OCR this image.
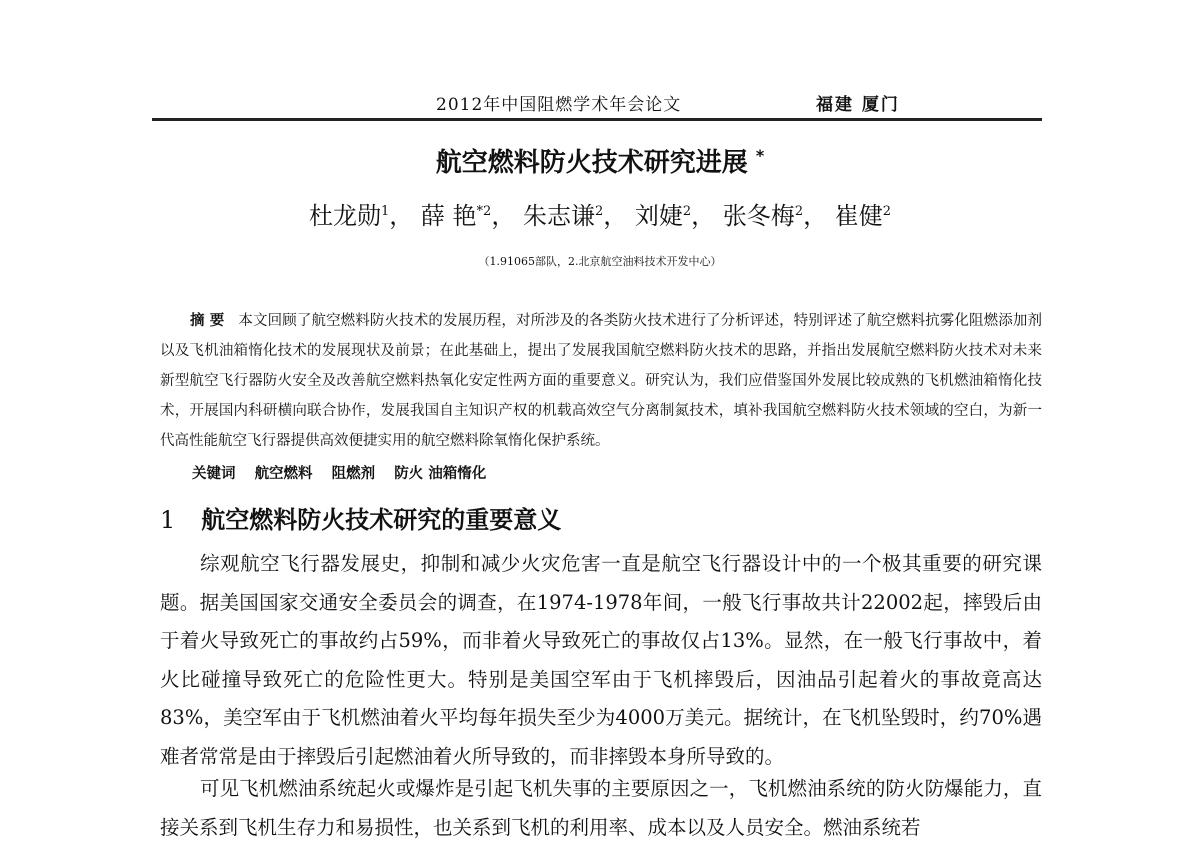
2012年中国阻燃学术年会论文	福建 厦门
航空燃料防火技术研究进展 *
杜龙勋$^1$， 薛 艳$^{*2}$， 朱志谦$^2$， 刘婕$^2$， 张冬梅$^2$， 崔健$^2$
（1.91065部队，2.北京航空油料技术开发中心）
摘 要 本文回顾了航空燃料防火技术的发展历程，对所涉及的各类防火技术进行了分析评述，特别评述了航空燃料抗雾化阻燃添加剂以及飞机油箱惰化技术的发展现状及前景；在此基础上，提出了发展我国航空燃料防火技术的思路，并指出发展航空燃料防火技术对未来新型航空飞行器防火安全及改善航空燃料热氧化安定性两方面的重要意义。研究认为，我们应借鉴国外发展比较成熟的飞机燃油箱惰化技术，开展国内科研横向联合协作，发展我国自主知识产权的机载高效空气分离制氮技术，填补我国航空燃料防火技术领域的空白，为新一代高性能航空飞行器提供高效便捷实用的航空燃料除氧惰化保护系统。
关键词 航空燃料 阻燃剂 防火 油箱惰化
1 航空燃料防火技术研究的重要意义
综观航空飞行器发展史，抑制和减少火灾危害一直是航空飞行器设计中的一个极其重要的研究课题。据美国国家交通安全委员会的调查，在1974-1978年间，一般飞行事故共计22002起，摔毁后由于着火导致死亡的事故约占59%，而非着火导致死亡的事故仅占13%。显然，在一般飞行事故中，着火比碰撞导致死亡的危险性更大。特别是美国空军由于飞机摔毁后，因油品引起着火的事故竟高达83%，美空军由于飞机燃油着火平均每年损失至少为4000万美元。据统计，在飞机坠毁时，约70%遇难者常常是由于摔毁后引起燃油着火所导致的，而非摔毁本身所导致的。
可见飞机燃油系统起火或爆炸是引起飞机失事的主要原因之一，飞机燃油系统的防火防爆能力，直接关系到飞机生存力和易损性，也关系到飞机的利用率、成本以及人员安全。燃油系统若
